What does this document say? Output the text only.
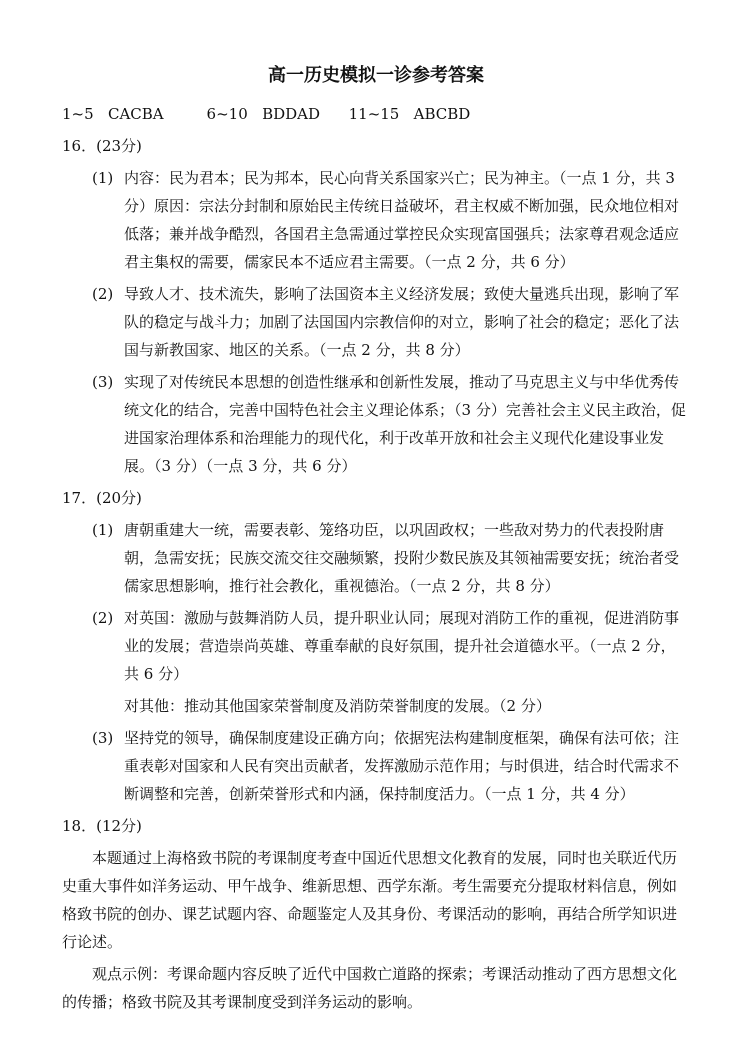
高一历史模拟一诊参考答案
1~5 CACBA	6~10 BDDAD 11~15 ABCBD
16．(23分)
(1) 内容：民为君本；民为邦本，民心向背关系国家兴亡；民为神主。（一点 1 分，共 3 分）原因：宗法分封制和原始民主传统日益破坏，君主权威不断加强，民众地位相对低落；兼并战争酷烈，各国君主急需通过掌控民众实现富国强兵；法家尊君观念适应君主集权的需要，儒家民本不适应君主需要。（一点 2 分，共 6 分）
(2) 导致人才、技术流失，影响了法国资本主义经济发展；致使大量逃兵出现，影响了军队的稳定与战斗力；加剧了法国国内宗教信仰的对立，影响了社会的稳定；恶化了法国与新教国家、地区的关系。（一点 2 分，共 8 分）
(3) 实现了对传统民本思想的创造性继承和创新性发展，推动了马克思主义与中华优秀传统文化的结合，完善中国特色社会主义理论体系；（3 分）完善社会主义民主政治，促进国家治理体系和治理能力的现代化，利于改革开放和社会主义现代化建设事业发展。（3 分）（一点 3 分，共 6 分）
17．(20分)
(1) 唐朝重建大一统，需要表彰、笼络功臣，以巩固政权；一些敌对势力的代表投附唐朝，急需安抚；民族交流交往交融频繁，投附少数民族及其领袖需要安抚；统治者受儒家思想影响，推行社会教化，重视德治。（一点 2 分，共 8 分）
(2) 对英国：激励与鼓舞消防人员，提升职业认同；展现对消防工作的重视，促进消防事业的发展；营造崇尚英雄、尊重奉献的良好氛围，提升社会道德水平。（一点 2 分，共 6 分）
对其他：推动其他国家荣誉制度及消防荣誉制度的发展。（2 分）
(3) 坚持党的领导，确保制度建设正确方向；依据宪法构建制度框架，确保有法可依；注重表彰对国家和人民有突出贡献者，发挥激励示范作用；与时俱进，结合时代需求不断调整和完善，创新荣誉形式和内涵，保持制度活力。（一点 1 分，共 4 分）
18．(12分)
本题通过上海格致书院的考课制度考查中国近代思想文化教育的发展，同时也关联近代历史重大事件如洋务运动、甲午战争、维新思想、西学东渐。考生需要充分提取材料信息，例如格致书院的创办、课艺试题内容、命题鉴定人及其身份、考课活动的影响，再结合所学知识进行论述。
观点示例：考课命题内容反映了近代中国救亡道路的探索；考课活动推动了西方思想文化的传播；格致书院及其考课制度受到洋务运动的影响。
